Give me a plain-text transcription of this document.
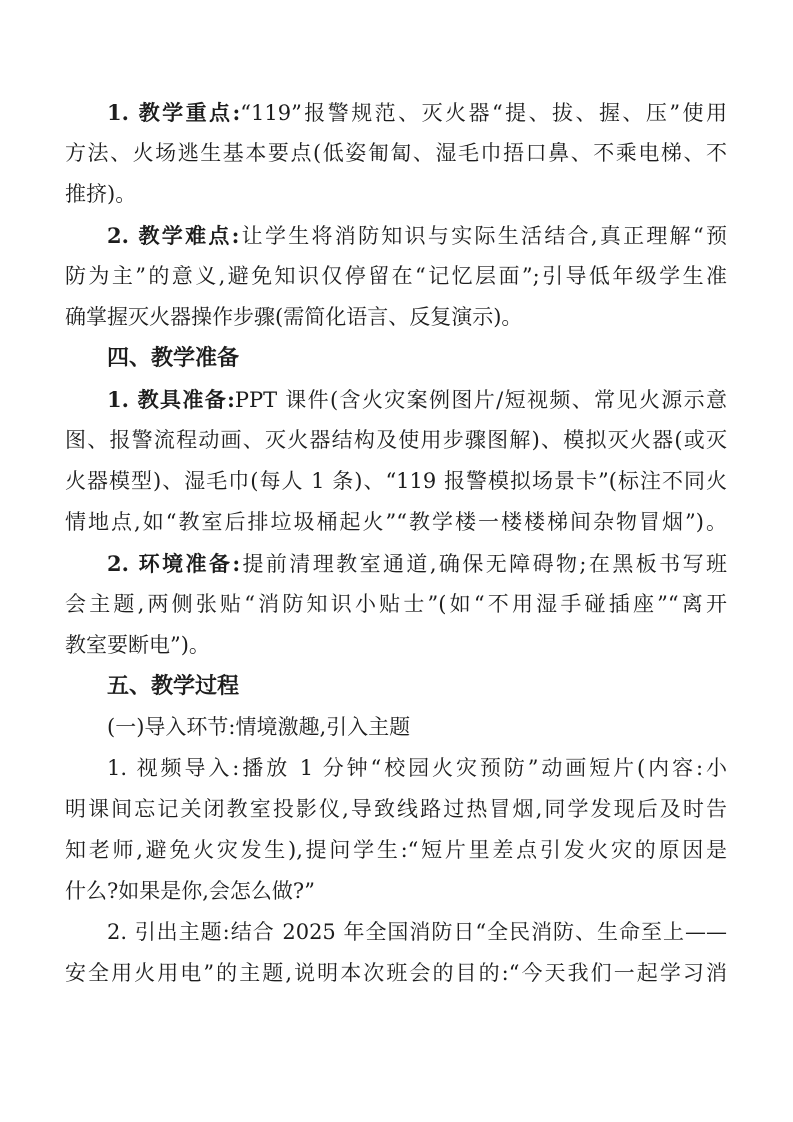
1. 教学重点:“119”报警规范、灭火器“提、拔、握、压”使用
方法、火场逃生基本要点(低姿匍匐、湿毛巾捂口鼻、不乘电梯、不
推挤)。
2. 教学难点:让学生将消防知识与实际生活结合,真正理解“预
防为主”的意义,避免知识仅停留在“记忆层面”;引导低年级学生准
确掌握灭火器操作步骤(需简化语言、反复演示)。
四、教学准备
1. 教具准备:PPT 课件(含火灾案例图片/短视频、常见火源示意
图、报警流程动画、灭火器结构及使用步骤图解)、模拟灭火器(或灭
火器模型)、湿毛巾(每人 1 条)、“119 报警模拟场景卡”(标注不同火
情地点,如“教室后排垃圾桶起火”“教学楼一楼楼梯间杂物冒烟”)。
2. 环境准备:提前清理教室通道,确保无障碍物;在黑板书写班
会主题,两侧张贴“消防知识小贴士”(如“不用湿手碰插座”“离开
教室要断电”)。
五、教学过程
(一)导入环节:情境激趣,引入主题
1. 视频导入:播放 1 分钟“校园火灾预防”动画短片(内容:小
明课间忘记关闭教室投影仪,导致线路过热冒烟,同学发现后及时告
知老师,避免火灾发生),提问学生:“短片里差点引发火灾的原因是
什么?如果是你,会怎么做?”
2. 引出主题:结合 2025 年全国消防日“全民消防、生命至上——
安全用火用电”的主题,说明本次班会的目的:“今天我们一起学习消
